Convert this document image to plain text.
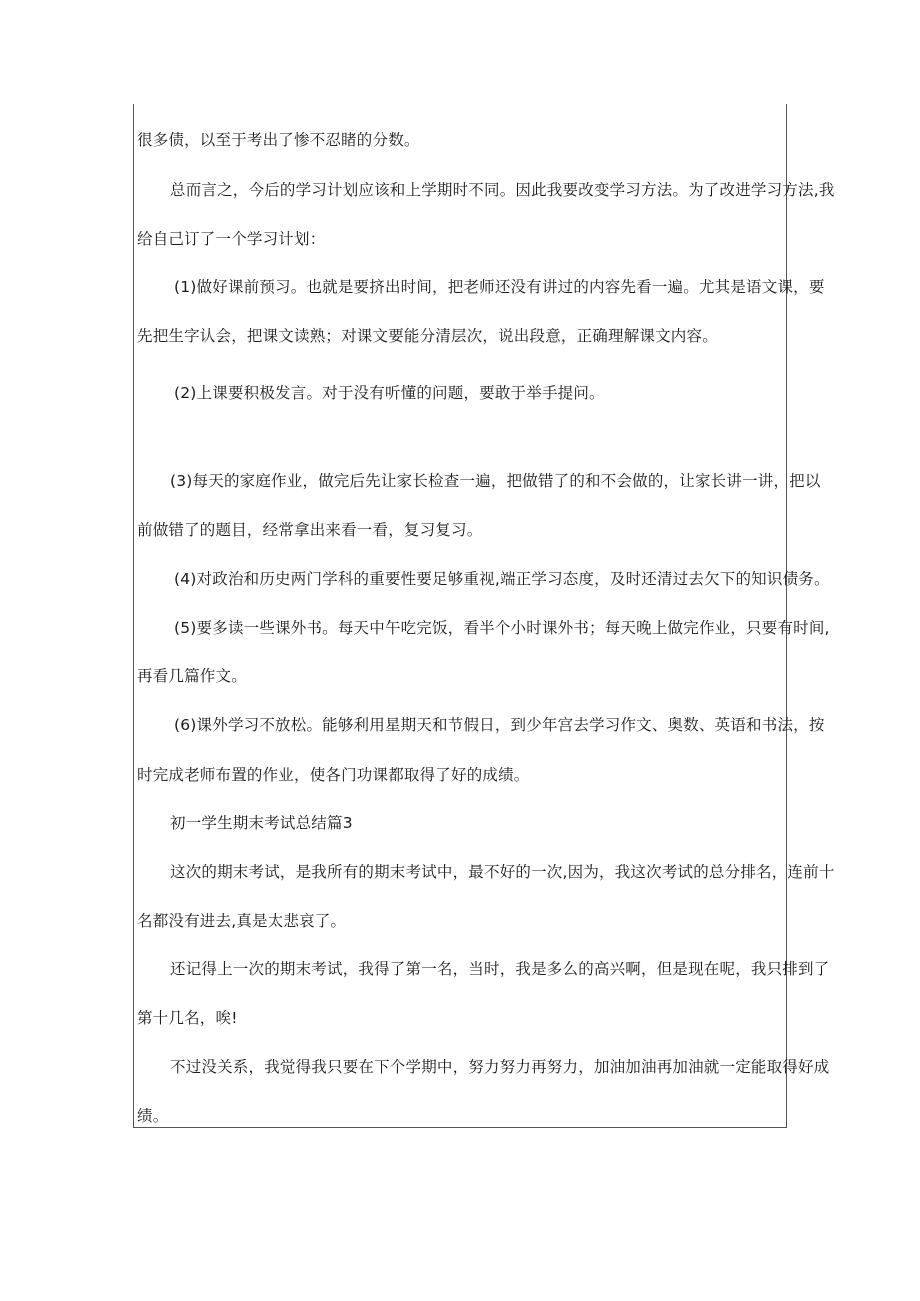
很多债，以至于考出了惨不忍睹的分数。
总而言之，今后的学习计划应该和上学期时不同。因此我要改变学习方法。为了改进学习方法,我
给自己订了一个学习计划：
(1)做好课前预习。也就是要挤出时间，把老师还没有讲过的内容先看一遍。尤其是语文课，要
先把生字认会，把课文读熟；对课文要能分清层次，说出段意，正确理解课文内容。
(2)上课要积极发言。对于没有听懂的问题，要敢于举手提问。
(3)每天的家庭作业，做完后先让家长检查一遍，把做错了的和不会做的，让家长讲一讲，把以
前做错了的题目，经常拿出来看一看，复习复习。
(4)对政治和历史两门学科的重要性要足够重视,端正学习态度，及时还清过去欠下的知识债务。
(5)要多读一些课外书。每天中午吃完饭，看半个小时课外书；每天晚上做完作业，只要有时间,
再看几篇作文。
(6)课外学习不放松。能够利用星期天和节假日，到少年宫去学习作文、奥数、英语和书法，按
时完成老师布置的作业，使各门功课都取得了好的成绩。
初一学生期末考试总结篇3
这次的期末考试，是我所有的期末考试中，最不好的一次,因为，我这次考试的总分排名，连前十
名都没有进去,真是太悲哀了。
还记得上一次的期末考试，我得了第一名，当时，我是多么的高兴啊，但是现在呢，我只排到了
第十几名，唉!
不过没关系，我觉得我只要在下个学期中，努力努力再努力，加油加油再加油就一定能取得好成
绩。
